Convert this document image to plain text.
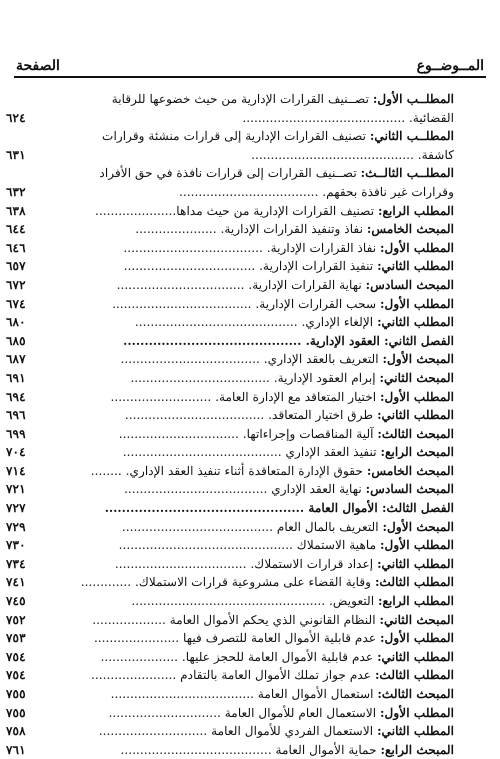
المــوضــوع
الصفحة
المطلــب الأول: تصــنيف القرارات الإدارية من حيث خضوعها للرقابة
القضائية. ..........................................
٦٢٤
المطلــب الثاني: تصنيف القرارات الإدارية إلى قرارات منشئة وقرارات
كاشفة. ..........................................
٦٣١
المطلــب الثالــث: تصــنيف القرارات إلى قرارات نافذة في حق الأفراد
وقرارات غير نافذة بحقهم. ....................................
٦٣٢
المطلب الرابع: تصنيف القرارات الإدارية من حيث مداها.....................
٦٣٨
المبحث الخامس: نفاذ وتنفيذ القرارات الإدارية. .....................
٦٤٤
المطلب الأول: نفاذ القرارات الإدارية. ....................................
٦٤٦
المطلب الثاني: تنفيذ القرارات الإدارية. ..................................
٦٥٧
المبحث السادس: نهاية القرارات الإدارية. .................................
٦٧٢
المطلب الأول: سحب القرارات الإدارية. ....................................
٦٧٤
المطلب الثاني: الإلغاء الإداري. ..........................................
٦٨٠
الفصل الثاني: العقود الإدارية. ..........................................
٦٨٥
المبحث الأول: التعريف بالعقد الإداري. ....................................
٦٨٧
المبحث الثاني: إبرام العقود الإدارية. ....................................
٦٩١
المطلب الأول: اختيار المتعاقد مع الإدارة العامة. ..........................
٦٩٤
المطلب الثاني: طرق اختيار المتعاقد. ....................................
٦٩٦
المبحث الثالث: آلية المناقصات وإجراءاتها. ...............................
٦٩٩
المبحث الرابع: تنفيذ العقد الإداري .........................................
٧٠٤
المبحث الخامس: حقوق الإدارة المتعاقدة أثناء تنفيذ العقد الإداري. ........
٧١٤
المبحث السادس: نهاية العقد الإداري .....................................
٧٢١
الفصل الثالث: الأموال العامة ...............................................
٧٢٧
المبحث الأول: التعريف بالمال العام .......................................
٧٢٩
المطلب الأول: ماهية الاستملاك .............................................
٧٣٠
المطلب الثاني: إعداد قرارات الاستملاك. ..................................
٧٣٤
المطلب الثالث: وقاية القضاء على مشروعية قرارات الاستملاك. .............
٧٤١
المطلب الرابع: التعويض. ..................................................
٧٤٥
المبحث الثاني: النظام القانوني الذي يحكم الأموال العامة ...................
٧٥٢
المطلب الأول: عدم قابلية الأموال العامة للتصرف فيها ......................
٧٥٣
المطلب الثاني: عدم قابلية الأموال العامة للحجز عليها. ....................
٧٥٤
المطلب الثالث: عدم جواز تملك الأموال العامة بالتقادم ......................
٧٥٤
المبحث الثالث: استعمال الأموال العامة .....................................
٧٥٥
المطلب الأول: الاستعمال العام للأموال العامة .............................
٧٥٥
المطلب الثاني: الاستعمال الفردي للأموال العامة ............................
٧٥٨
المبحث الرابع: حماية الأموال العامة .......................................
٧٦١
